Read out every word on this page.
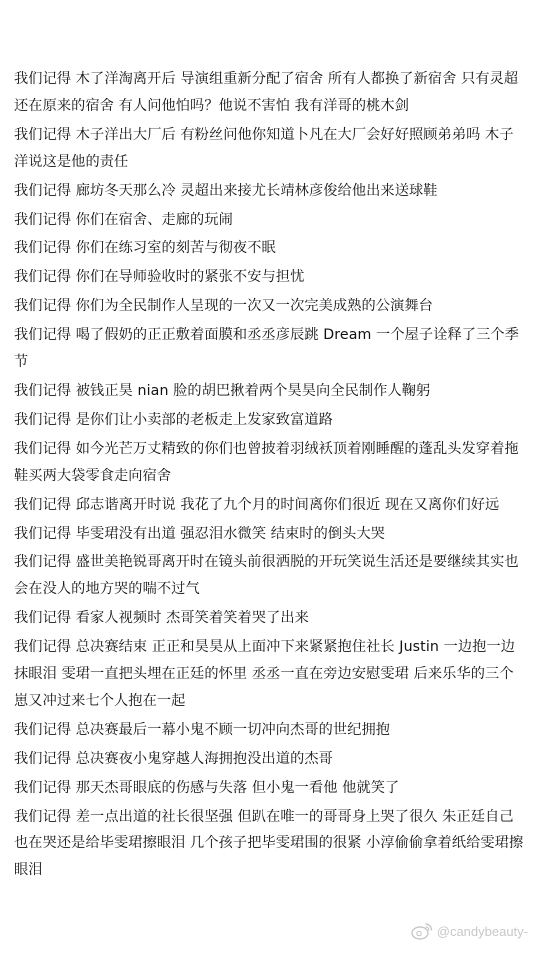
我们记得 木了洋淘离开后 导演组重新分配了宿舍 所有人都换了新宿舍 只有灵超还在原来的宿舍 有人问他怕吗？他说不害怕 我有洋哥的桃木剑

我们记得 木子洋出大厂后 有粉丝问他你知道卜凡在大厂会好好照顾弟弟吗 木子洋说这是他的责任

我们记得 廊坊冬天那么冷 灵超出来接尤长靖林彦俊给他出来送球鞋

我们记得 你们在宿舍、走廊的玩闹

我们记得 你们在练习室的刻苦与彻夜不眠

我们记得 你们在导师验收时的紧张不安与担忧

我们记得 你们为全民制作人呈现的一次又一次完美成熟的公演舞台

我们记得 喝了假奶的正正敷着面膜和丞丞彦辰跳 Dream 一个屋子诠释了三个季节

我们记得 被钱正昊 nian 脸的胡巴揪着两个昊昊向全民制作人鞠躬

我们记得 是你们让小卖部的老板走上发家致富道路

我们记得 如今光芒万丈精致的你们也曾披着羽绒袄顶着刚睡醒的蓬乱头发穿着拖鞋买两大袋零食走向宿舍

我们记得 邱志谐离开时说 我花了九个月的时间离你们很近 现在又离你们好远

我们记得 毕雯珺没有出道 强忍泪水微笑 结束时的倒头大哭

我们记得 盛世美艳锐哥离开时在镜头前很洒脱的开玩笑说生活还是要继续其实也会在没人的地方哭的喘不过气

我们记得 看家人视频时 杰哥笑着笑着哭了出来

我们记得 总决赛结束 正正和昊昊从上面冲下来紧紧抱住社长 Justin 一边抱一边抹眼泪 雯珺一直把头埋在正廷的怀里 丞丞一直在旁边安慰雯珺 后来乐华的三个崽又冲过来七个人抱在一起

我们记得 总决赛最后一幕小鬼不顾一切冲向杰哥的世纪拥抱

我们记得 总决赛夜小鬼穿越人海拥抱没出道的杰哥

我们记得 那天杰哥眼底的伤感与失落 但小鬼一看他 他就笑了

我们记得 差一点出道的社长很坚强 但趴在唯一的哥哥身上哭了很久 朱正廷自己也在哭还是给毕雯珺擦眼泪 几个孩子把毕雯珺围的很紧 小淳偷偷拿着纸给雯珺擦眼泪

@candybeauty-
